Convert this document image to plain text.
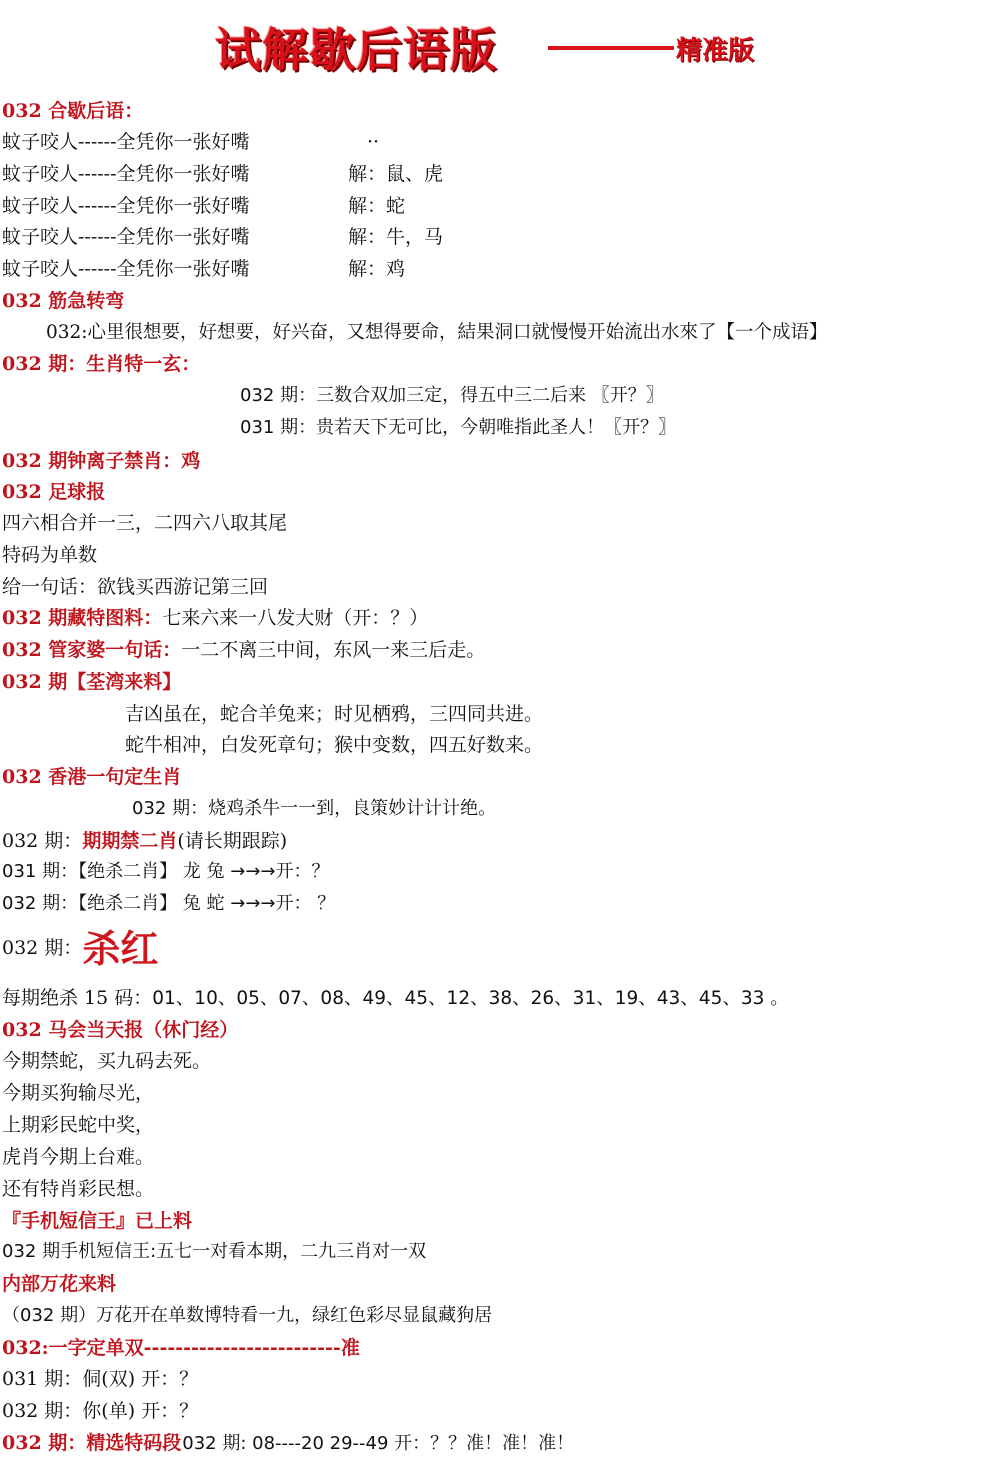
试解歇后语版	精准版
032 合歇后语：
蚊子咬人------全凭你一张好嘴	··
蚊子咬人------全凭你一张好嘴	解：鼠、虎
蚊子咬人------全凭你一张好嘴	解：蛇
蚊子咬人------全凭你一张好嘴	解：牛，马
蚊子咬人------全凭你一张好嘴	解：鸡
032 筋急转弯
032:心里很想要，好想要，好兴奋，又想得要命，結果洞口就慢慢开始流出水來了【一个成语】
032 期：生肖特一玄：
032 期：三数合双加三定，得五中三二后来 〖开？〗
031 期：贵若天下无可比，今朝唯指此圣人！〖开？〗
032 期钟离子禁肖：鸡
032 足球报
四六相合并一三，二四六八取其尾
特码为单数
给一句话：欲钱买西游记第三回
032 期藏特图料：七来六来一八发大财（开：？）
032 管家婆一句话：一二不离三中间，东风一来三后走。
032 期【荃湾来料】
吉凶虽在，蛇合羊兔来；时见栖鸦，三四同共进。
蛇牛相冲，白发死章句；猴中变数，四五好数来。
032 香港一句定生肖
032 期：烧鸡杀牛一一到，良策妙计计计绝。
032 期：期期禁二肖(请长期跟踪)
031 期：【绝杀二肖】 龙 兔 →→→开：？
032 期：【绝杀二肖】 兔 蛇 →→→开： ？
032 期：杀红
每期绝杀 15 码：01、10、05、07、08、49、45、12、38、26、31、19、43、45、33 。
032 马会当天报（休门经）
今期禁蛇，买九码去死。
今期买狗输尽光，
上期彩民蛇中奖，
虎肖今期上台难。
还有特肖彩民想。
『手机短信王』已上料
032 期手机短信王:五七一对看本期，二九三肖对一双
内部万花来料
（032 期）万花开在单数博特看一九，绿红色彩尽显鼠藏狗居
032:一字定单双-------------------------准
031 期：侗(双) 开：？
032 期：你(单) 开：？
032 期：精选特码段032 期: 08----20 29--49 开：？？准！准！准！
